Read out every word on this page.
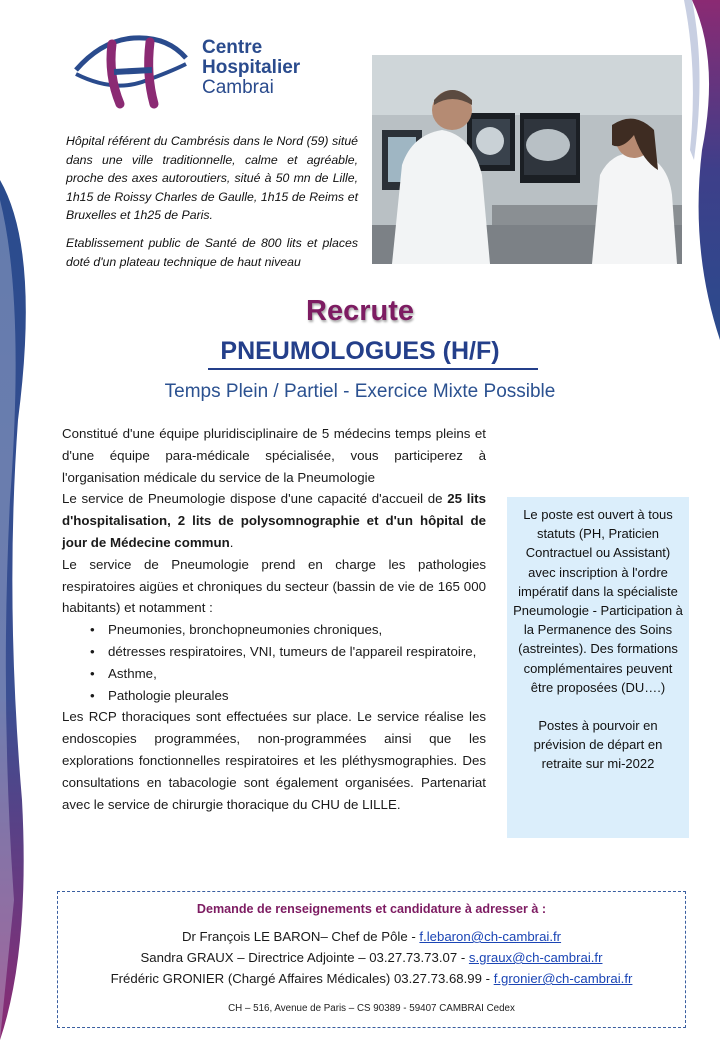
Centre
Hospitalier
Cambrai

Hôpital référent du Cambrésis dans le Nord (59) situé dans une ville traditionnelle, calme et agréable, proche des axes autoroutiers, situé à 50 mn de Lille, 1h15 de Roissy Charles de Gaulle, 1h15 de Reims et Bruxelles et 1h25 de Paris.

Etablissement public de Santé de 800 lits et places doté d'un plateau technique de haut niveau

Recrute
PNEUMOLOGUES (H/F)
Temps Plein / Partiel - Exercice Mixte Possible

Constitué d'une équipe pluridisciplinaire de 5 médecins temps pleins et d'une équipe para-médicale spécialisée, vous participerez à l'organisation médicale du service de la Pneumologie

Le service de Pneumologie dispose d'une capacité d'accueil de 25 lits d'hospitalisation, 2 lits de polysomnographie et d'un hôpital de jour de Médecine commun.

Le service de Pneumologie prend en charge les pathologies respiratoires aigües et chroniques du secteur (bassin de vie de 165 000 habitants) et notamment :

• Pneumonies, bronchopneumonies chroniques,
• détresses respiratoires, VNI, tumeurs de l'appareil respiratoire,
• Asthme,
• Pathologie pleurales

Les RCP thoraciques sont effectuées sur place. Le service réalise les endoscopies programmées, non-programmées ainsi que les explorations fonctionnelles respiratoires et les pléthysmographies. Des consultations en tabacologie sont également organisées. Partenariat avec le service de chirurgie thoracique du CHU de LILLE.

Le poste est ouvert à tous statuts (PH, Praticien Contractuel ou Assistant) avec inscription à l'ordre impératif dans la spécialiste Pneumologie - Participation à la Permanence des Soins (astreintes). Des formations complémentaires peuvent être proposées (DU….)

Postes à pourvoir en prévision de départ en retraite sur mi-2022

Demande de renseignements et candidature à adresser à :
Dr François LE BARON– Chef de Pôle - f.lebaron@ch-cambrai.fr
Sandra GRAUX – Directrice Adjointe – 03.27.73.73.07 - s.graux@ch-cambrai.fr
Frédéric GRONIER (Chargé Affaires Médicales) 03.27.73.68.99 - f.gronier@ch-cambrai.fr
CH – 516, Avenue de Paris – CS 90389 - 59407 CAMBRAI Cedex
